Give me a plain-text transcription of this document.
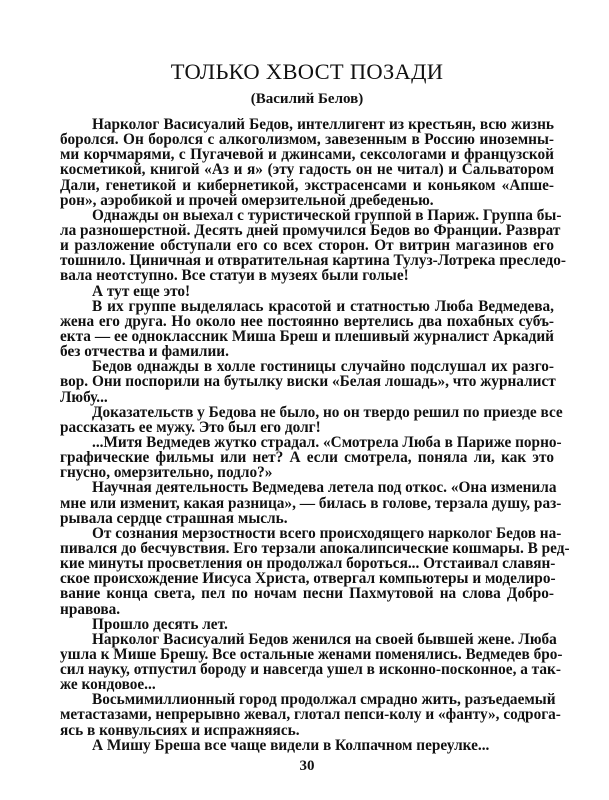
ТОЛЬКО ХВОСТ ПОЗАДИ
(Василий Белов)

Нарколог Васисуалий Бедов, интеллигент из крестьян, всю жизнь
боролся. Он боролся с алкоголизмом, завезенным в Россию иноземны-
ми корчмарями, с Пугачевой и джинсами, сексологами и французской
косметикой, книгой «Аз и я» (эту гадость он не читал) и Сальватором
Дали, генетикой и кибернетикой, экстрасенсами и коньяком «Апше-
рон», аэробикой и прочей омерзительной дребеденью.

Однажды он выехал с туристической группой в Париж. Группа бы-
ла разношерстной. Десять дней промучился Бедов во Франции. Разврат
и разложение обступали его со всех сторон. От витрин магазинов его
тошнило. Циничная и отвратительная картина Тулуз-Лотрека преследо-
вала неотступно. Все статуи в музеях были голые!

А тут еще это!

В их группе выделялась красотой и статностью Люба Ведмедева,
жена его друга. Но около нее постоянно вертелись два похабных субъ-
екта — ее одноклассник Миша Бреш и плешивый журналист Аркадий
без отчества и фамилии.

Бедов однажды в холле гостиницы случайно подслушал их разго-
вор. Они поспорили на бутылку виски «Белая лошадь», что журналист
Любу...

Доказательств у Бедова не было, но он твердо решил по приезде все
рассказать ее мужу. Это был его долг!

...Митя Ведмедев жутко страдал. «Смотрела Люба в Париже порно-
графические фильмы или нет? А если смотрела, поняла ли, как это
гнусно, омерзительно, подло?»

Научная деятельность Ведмедева летела под откос. «Она изменила
мне или изменит, какая разница», — билась в голове, терзала душу, раз-
рывала сердце страшная мысль.

От сознания мерзостности всего происходящего нарколог Бедов на-
пивался до бесчувствия. Его терзали апокалипсические кошмары. В ред-
кие минуты просветления он продолжал бороться... Отстаивал славян-
ское происхождение Иисуса Христа, отвергал компьютеры и моделиро-
вание конца света, пел по ночам песни Пахмутовой на слова Добро-
нравова.

Прошло десять лет.

Нарколог Васисуалий Бедов женился на своей бывшей жене. Люба
ушла к Мише Брешу. Все остальные женами поменялись. Ведмедев бро-
сил науку, отпустил бороду и навсегда ушел в исконно-посконное, а так-
же кондовое...

Восьмимиллионный город продолжал смрадно жить, разъедаемый
метастазами, непрерывно жевал, глотал пепси-колу и «фанту», содрога-
ясь в конвульсиях и испражняясь.

А Мишу Бреша все чаще видели в Колпачном переулке...

30
